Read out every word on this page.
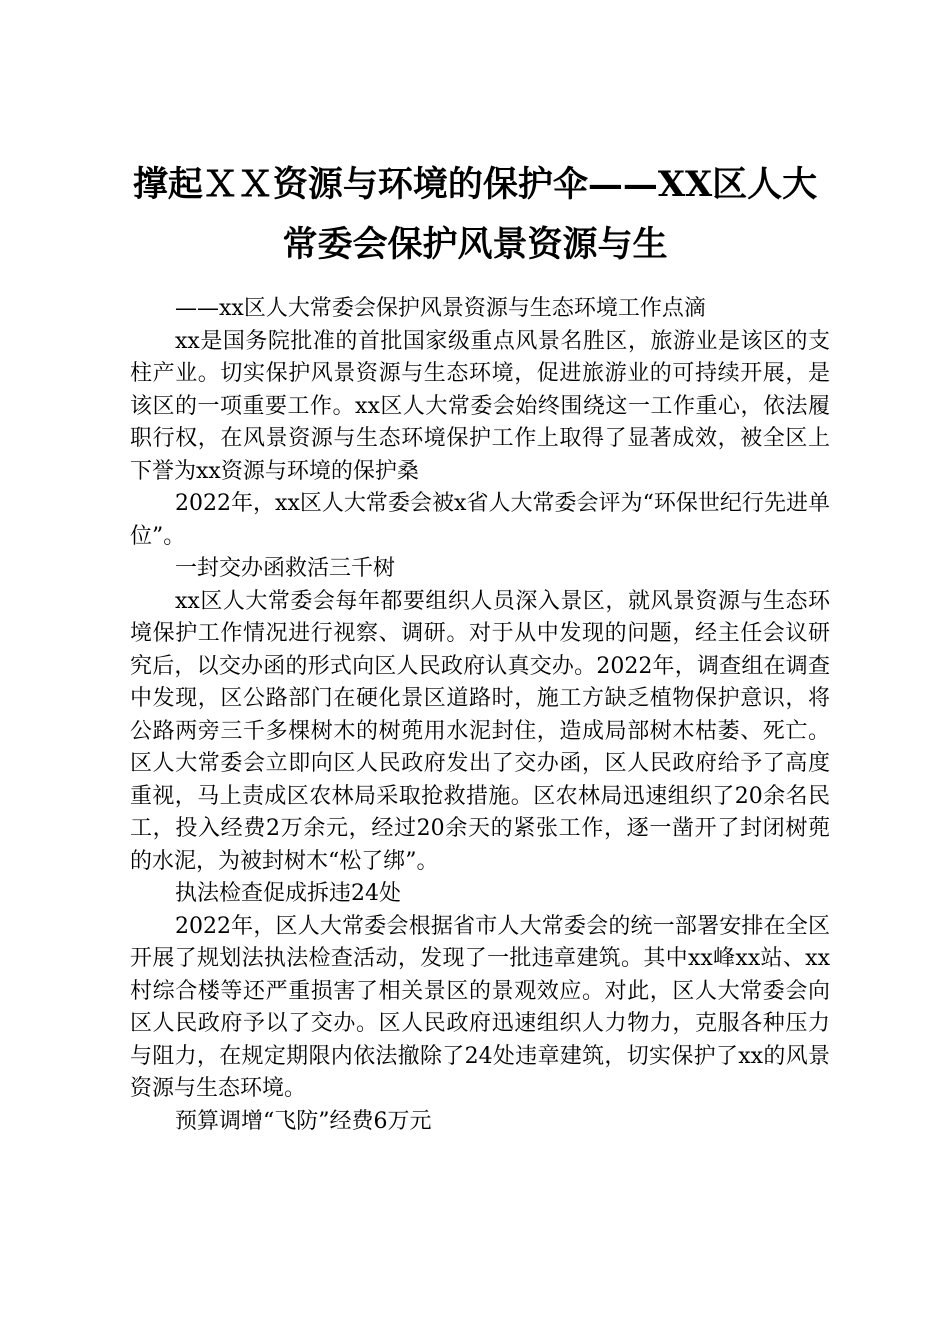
撑起ＸＸ资源与环境的保护伞——XX区人大
常委会保护风景资源与生

——xx区人大常委会保护风景资源与生态环境工作点滴

xx是国务院批准的首批国家级重点风景名胜区，旅游业是该区的支柱产业。切实保护风景资源与生态环境，促进旅游业的可持续开展，是该区的一项重要工作。xx区人大常委会始终围绕这一工作重心，依法履职行权，在风景资源与生态环境保护工作上取得了显著成效，被全区上下誉为xx资源与环境的保护桑

2022年，xx区人大常委会被x省人大常委会评为“环保世纪行先进单位”。

一封交办函救活三千树

xx区人大常委会每年都要组织人员深入景区，就风景资源与生态环境保护工作情况进行视察、调研。对于从中发现的问题，经主任会议研究后，以交办函的形式向区人民政府认真交办。2022年，调查组在调查中发现，区公路部门在硬化景区道路时，施工方缺乏植物保护意识，将公路两旁三千多棵树木的树蔸用水泥封住，造成局部树木枯萎、死亡。区人大常委会立即向区人民政府发出了交办函，区人民政府给予了高度重视，马上责成区农林局采取抢救措施。区农林局迅速组织了20余名民工，投入经费2万余元，经过20余天的紧张工作，逐一凿开了封闭树蔸的水泥，为被封树木“松了绑”。

执法检查促成拆违24处

2022年，区人大常委会根据省市人大常委会的统一部署安排在全区开展了规划法执法检查活动，发现了一批违章建筑。其中xx峰xx站、xx村综合楼等还严重损害了相关景区的景观效应。对此，区人大常委会向区人民政府予以了交办。区人民政府迅速组织人力物力，克服各种压力与阻力，在规定期限内依法撤除了24处违章建筑，切实保护了xx的风景资源与生态环境。

预算调增“飞防”经费6万元
